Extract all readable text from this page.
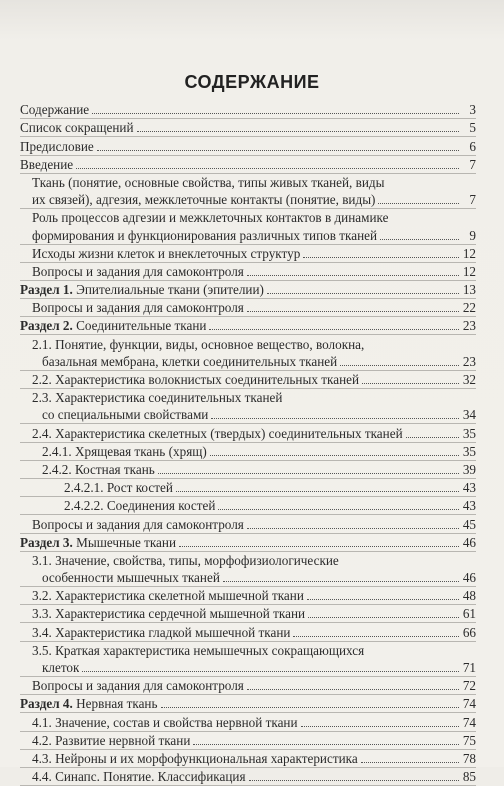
СОДЕРЖАНИЕ
Содержание	3
Список сокращений	5
Предисловие	6
Введение	7
Ткань (понятие, основные свойства, типы живых тканей, виды
их связей), адгезия, межклеточные контакты (понятие, виды)	7
Роль процессов адгезии и межклеточных контактов в динамике
формирования и функционирования различных типов тканей	9
Исходы жизни клеток и внеклеточных структур	12
Вопросы и задания для самоконтроля	12
Раздел 1. Эпителиальные ткани (эпителии)	13
Вопросы и задания для самоконтроля	22
Раздел 2. Соединительные ткани	23
2.1. Понятие, функции, виды, основное вещество, волокна,
базальная мембрана, клетки соединительных тканей	23
2.2. Характеристика волокнистых соединительных тканей	32
2.3. Характеристика соединительных тканей
со специальными свойствами	34
2.4. Характеристика скелетных (твердых) соединительных тканей	35
2.4.1. Хрящевая ткань (хрящ)	35
2.4.2. Костная ткань	39
2.4.2.1. Рост костей	43
2.4.2.2. Соединения костей	43
Вопросы и задания для самоконтроля	45
Раздел 3. Мышечные ткани	46
3.1. Значение, свойства, типы, морфофизиологические
особенности мышечных тканей	46
3.2. Характеристика скелетной мышечной ткани	48
3.3. Характеристика сердечной мышечной ткани	61
3.4. Характеристика гладкой мышечной ткани	66
3.5. Краткая характеристика немышечных сокращающихся
клеток	71
Вопросы и задания для самоконтроля	72
Раздел 4. Нервная ткань	74
4.1. Значение, состав и свойства нервной ткани	74
4.2. Развитие нервной ткани	75
4.3. Нейроны и их морфофункциональная характеристика	78
4.4. Синапс. Понятие. Классификация	85
